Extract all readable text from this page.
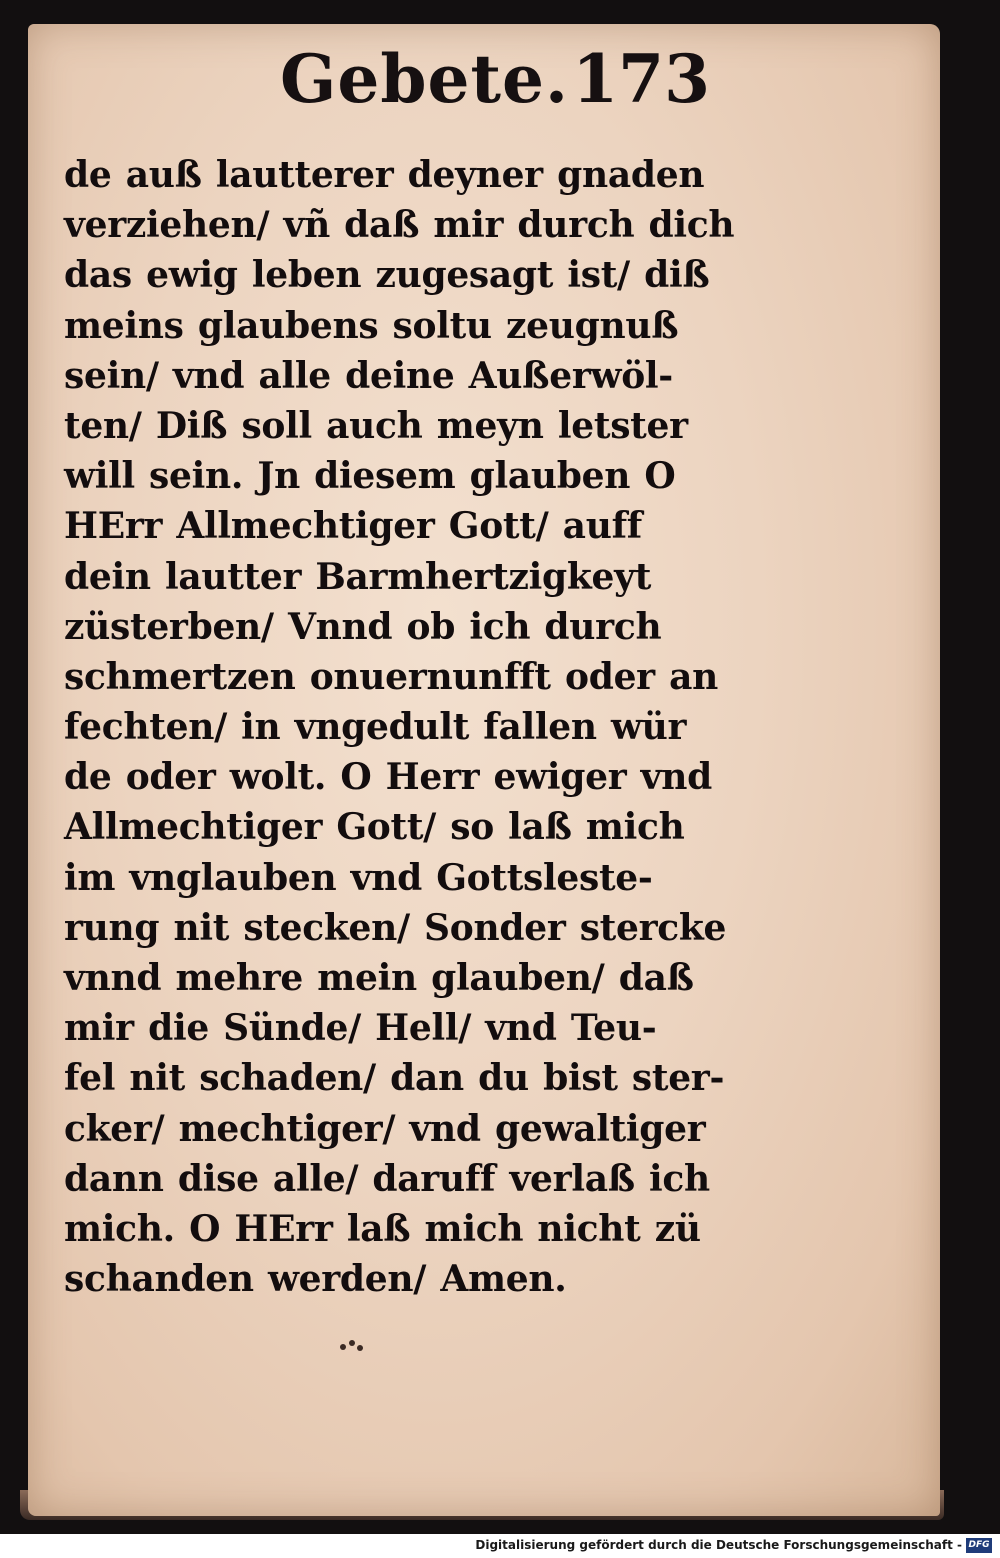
Gebete. 173
de auß lautterer deyner gnaden
verziehen/ vñ daß mir durch dich
das ewig leben zugesagt ist/ diß
meins glaubens soltu zeugnuß
sein/ vnd alle deine Außerwöl-
ten/ Diß soll auch meyn letster
will sein. Jn diesem glauben O
HErr Allmechtiger Gott/ auff
dein lautter Barmhertzigkeyt
züsterben/ Vnnd ob ich durch
schmertzen onuernunfft oder an
fechten/ in vngedult fallen wür
de oder wolt. O Herr ewiger vnd
Allmechtiger Gott/ so laß mich
im vnglauben vnd Gottsleste-
rung nit stecken/ Sonder stercke
vnnd mehre mein glauben/ daß
mir die Sünde/ Hell/ vnd Teu-
fel nit schaden/ dan du bist ster-
cker/ mechtiger/ vnd gewaltiger
dann dise alle/ daruff verlaß ich
mich. O HErr laß mich nicht zü
schanden werden/ Amen.
Digitalisierung gefördert durch die Deutsche Forschungsgemeinschaft - DFG
